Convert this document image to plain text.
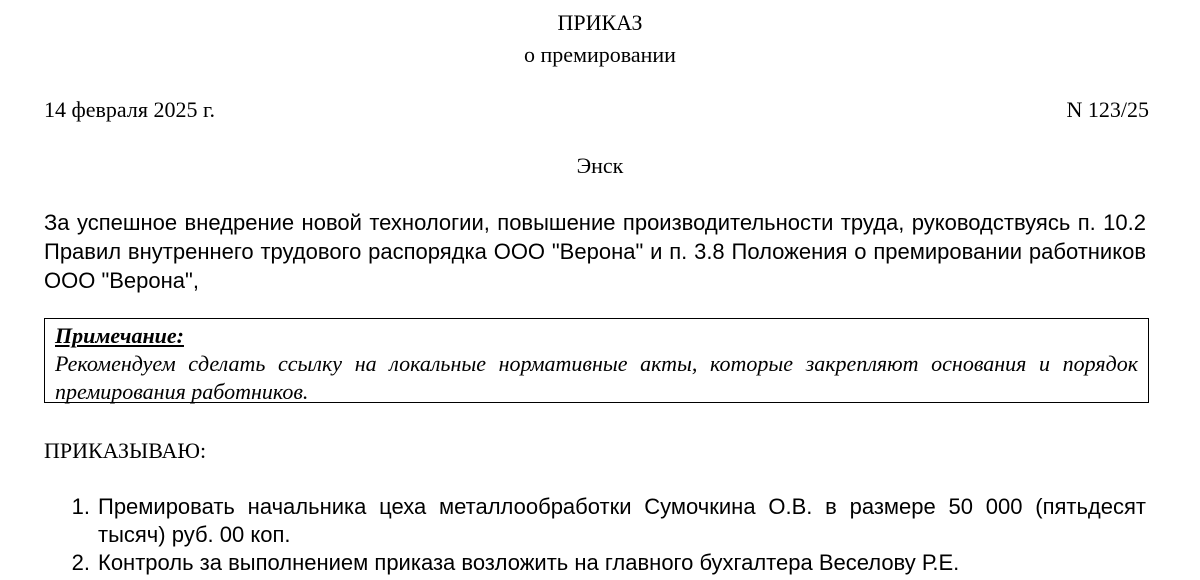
ПРИКАЗ
о премировании
14 февраля 2025 г.	N 123/25
Энск

За успешное внедрение новой технологии, повышение производительности труда, руководствуясь п. 10.2 Правил внутреннего трудового распорядка ООО "Верона" и п. 3.8 Положения о премировании работников ООО "Верона",

Примечание:

Рекомендуем сделать ссылку на локальные нормативные акты, которые закрепляют основания и порядок премирования работников.

ПРИКАЗЫВАЮ:
1. Премировать начальника цеха металлообработки Сумочкина О.В. в размере 50 000 (пятьдесят тысяч) руб. 00 коп.
2. Контроль за выполнением приказа возложить на главного бухгалтера Веселову Р.Е.
